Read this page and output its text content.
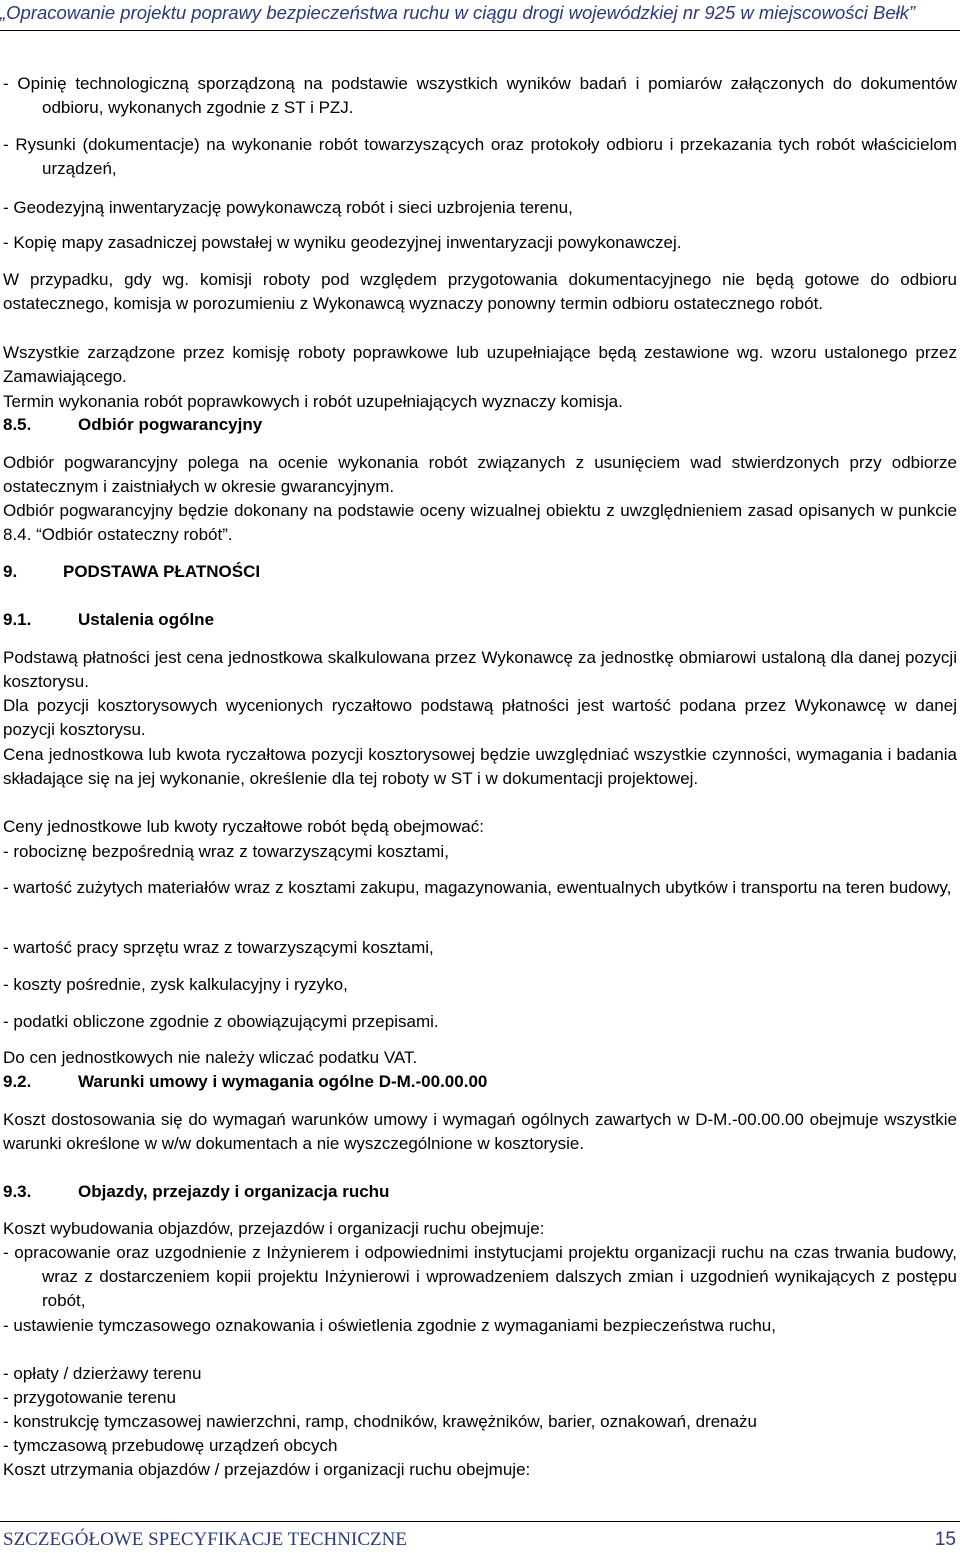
„Opracowanie projektu poprawy bezpieczeństwa ruchu w ciągu drogi wojewódzkiej nr 925 w miejscowości Bełk”

- Opinię technologiczną sporządzoną na podstawie wszystkich wyników badań i pomiarów załączonych do dokumentów odbioru, wykonanych zgodnie z ST i PZJ.

- Rysunki (dokumentacje) na wykonanie robót towarzyszących oraz protokoły odbioru i przekazania tych robót właścicielom urządzeń,

- Geodezyjną inwentaryzację powykonawczą robót i sieci uzbrojenia terenu,

- Kopię mapy zasadniczej powstałej w wyniku geodezyjnej inwentaryzacji powykonawczej.

W przypadku, gdy wg. komisji roboty pod względem przygotowania dokumentacyjnego nie będą gotowe do odbioru ostatecznego, komisja w porozumieniu z Wykonawcą wyznaczy ponowny termin odbioru ostatecznego robót.

Wszystkie zarządzone przez komisję roboty poprawkowe lub uzupełniające będą zestawione wg. wzoru ustalonego przez Zamawiającego.

Termin wykonania robót poprawkowych i robót uzupełniających wyznaczy komisja.

8.5.	Odbiór pogwarancyjny

Odbiór pogwarancyjny polega na ocenie wykonania robót związanych z usunięciem wad stwierdzonych przy odbiorze ostatecznym i zaistniałych w okresie gwarancyjnym.

Odbiór pogwarancyjny będzie dokonany na podstawie oceny wizualnej obiektu z uwzględnieniem zasad opisanych w punkcie 8.4. “Odbiór ostateczny robót”.

9.	PODSTAWA PŁATNOŚCI
9.1.	Ustalenia ogólne

Podstawą płatności jest cena jednostkowa skalkulowana przez Wykonawcę za jednostkę obmiarowi ustaloną dla danej pozycji kosztorysu.

Dla pozycji kosztorysowych wycenionych ryczałtowo podstawą płatności jest wartość podana przez Wykonawcę w danej pozycji kosztorysu.

Cena jednostkowa lub kwota ryczałtowa pozycji kosztorysowej będzie uwzględniać wszystkie czynności, wymagania i badania składające się na jej wykonanie, określenie dla tej roboty w ST i w dokumentacji projektowej.

Ceny jednostkowe lub kwoty ryczałtowe robót będą obejmować:

- robociznę bezpośrednią wraz z towarzyszącymi kosztami,

- wartość zużytych materiałów wraz z kosztami zakupu, magazynowania, ewentualnych ubytków i transportu na teren budowy,

- wartość pracy sprzętu wraz z towarzyszącymi kosztami,

- koszty pośrednie, zysk kalkulacyjny i ryzyko,

- podatki obliczone zgodnie z obowiązującymi przepisami.

Do cen jednostkowych nie należy wliczać podatku VAT.

9.2.	Warunki umowy i wymagania ogólne D-M.-00.00.00

Koszt dostosowania się do wymagań warunków umowy i wymagań ogólnych zawartych w D-M.-00.00.00 obejmuje wszystkie warunki określone w w/w dokumentach a nie wyszczególnione w kosztorysie.

9.3.	Objazdy, przejazdy i organizacja ruchu

Koszt wybudowania objazdów, przejazdów i organizacji ruchu obejmuje:

- opracowanie oraz uzgodnienie z Inżynierem i odpowiednimi instytucjami projektu organizacji ruchu na czas trwania budowy, wraz z dostarczeniem kopii projektu Inżynierowi i wprowadzeniem dalszych zmian i uzgodnień wynikających z postępu robót,

- ustawienie tymczasowego oznakowania i oświetlenia zgodnie z wymaganiami bezpieczeństwa ruchu,

- opłaty / dzierżawy terenu

- przygotowanie terenu

- konstrukcję tymczasowej nawierzchni, ramp, chodników, krawężników, barier, oznakowań, drenażu

- tymczasową przebudowę urządzeń obcych

Koszt utrzymania objazdów / przejazdów i organizacji ruchu obejmuje:

SZCZEGÓŁOWE SPECYFIKACJE TECHNICZNE	15
